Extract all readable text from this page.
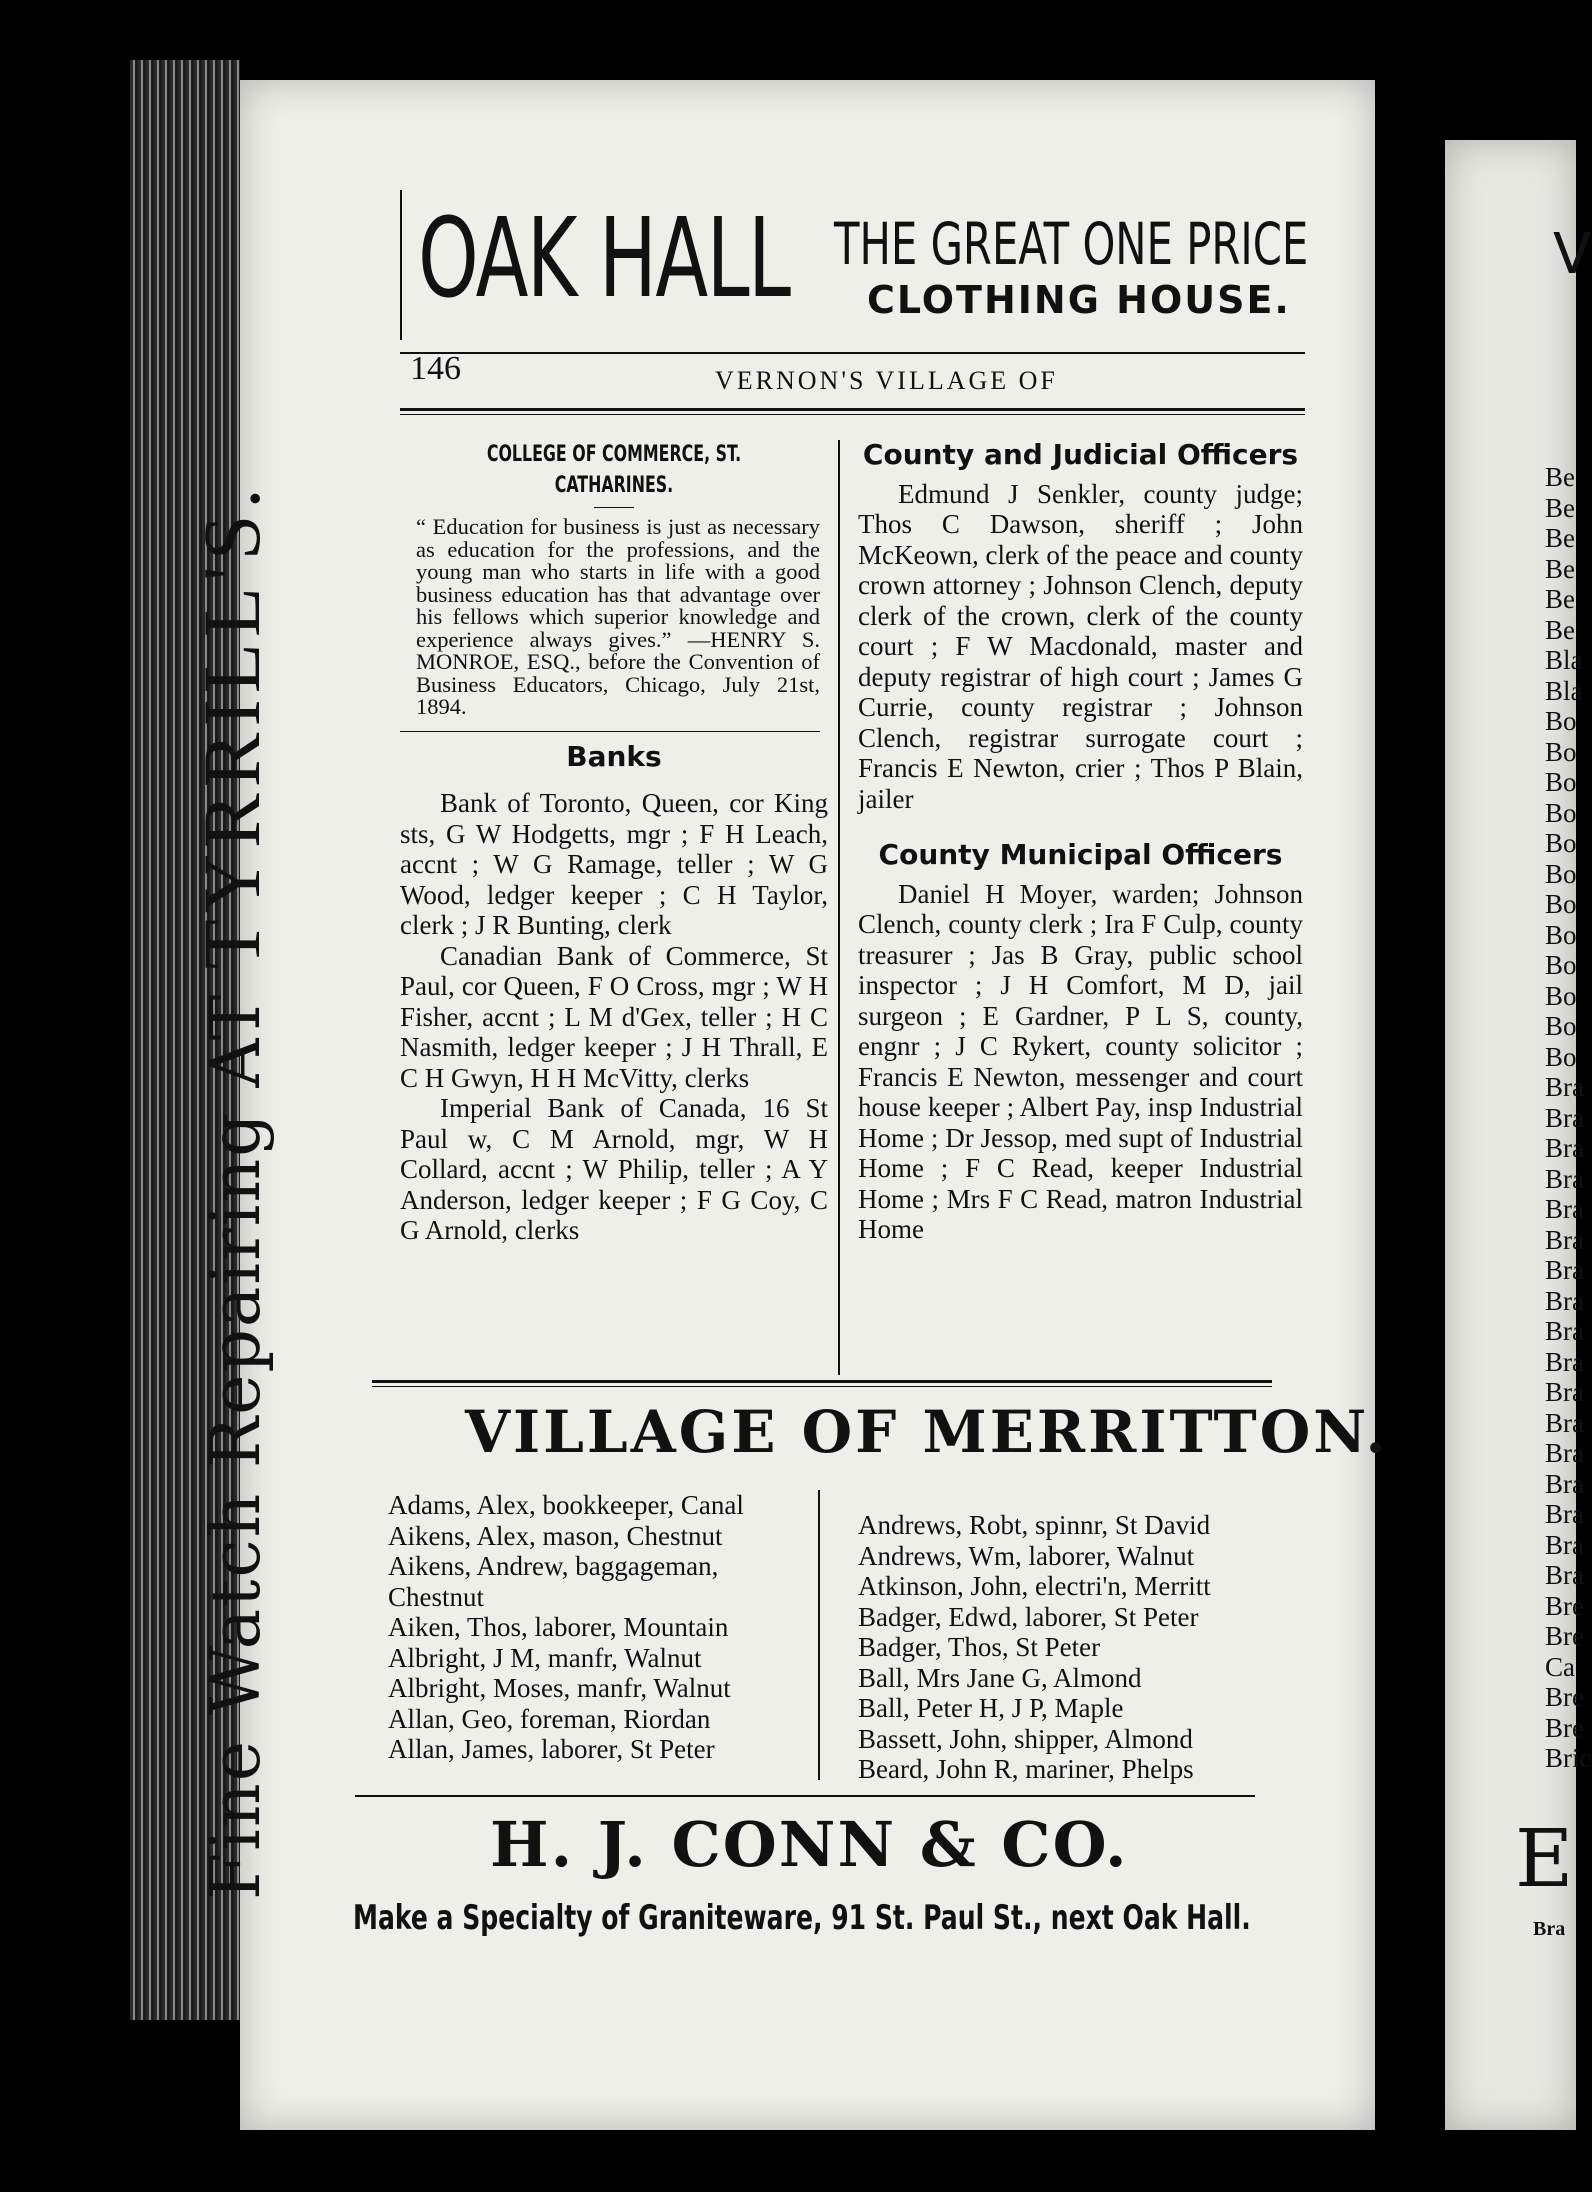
Fine Watch Repairing AT TYRRILL'S.
OAK HALL THE GREAT ONE PRICE
CLOTHING HOUSE.
146	VERNON'S VILLAGE OF
COLLEGE OF COMMERCE, ST. CATHARINES.

“ Education for business is just as necessary as education for the professions, and the young man who starts in life with a good business education has that advantage over his fellows which superior knowledge and experience always gives.” —HENRY S. MONROE, ESQ., before the Convention of Business Educators, Chicago, July 21st, 1894.

Banks

Bank of Toronto, Queen, cor King sts, G W Hodgetts, mgr ; F H Leach, accnt ; W G Ramage, teller ; W G Wood, ledger keeper ; C H Taylor, clerk ; J R Bunting, clerk

Canadian Bank of Commerce, St Paul, cor Queen, F O Cross, mgr ; W H Fisher, accnt ; L M d'Gex, teller ; H C Nasmith, ledger keeper ; J H Thrall, E C H Gwyn, H H McVitty, clerks

Imperial Bank of Canada, 16 St Paul w, C M Arnold, mgr, W H Collard, accnt ; W Philip, teller ; A Y Anderson, ledger keeper ; F G Coy, C G Arnold, clerks

County and Judicial Officers

Edmund J Senkler, county judge; Thos C Dawson, sheriff ; John McKeown, clerk of the peace and county crown attorney ; Johnson Clench, deputy clerk of the crown, clerk of the county court ; F W Macdonald, master and deputy registrar of high court ; James G Currie, county registrar ; Johnson Clench, registrar surrogate court ; Francis E Newton, crier ; Thos P Blain, jailer

County Municipal Officers

Daniel H Moyer, warden; Johnson Clench, county clerk ; Ira F Culp, county treasurer ; Jas B Gray, public school inspector ; J H Comfort, M D, jail surgeon ; E Gardner, P L S, county, engnr ; J C Rykert, county solicitor ; Francis E Newton, messenger and court house keeper ; Albert Pay, insp Industrial Home ; Dr Jessop, med supt of Industrial Home ; F C Read, keeper Industrial Home ; Mrs F C Read, matron Industrial Home

VILLAGE OF MERRITTON.

Adams, Alex, bookkeeper, Canal

Aikens, Alex, mason, Chestnut

Aikens, Andrew, baggageman, Chestnut

Aiken, Thos, laborer, Mountain

Albright, J M, manfr, Walnut

Albright, Moses, manfr, Walnut

Allan, Geo, foreman, Riordan

Allan, James, laborer, St Peter

Andrews, Robt, spinnr, St David

Andrews, Wm, laborer, Walnut

Atkinson, John, electri'n, Merritt

Badger, Edwd, laborer, St Peter

Badger, Thos, St Peter

Ball, Mrs Jane G, Almond

Ball, Peter H, J P, Maple

Bassett, John, shipper, Almond

Beard, John R, mariner, Phelps

H. J. CONN & CO.
Make a Specialty of Graniteware, 91 St. Paul St., next Oak Hall.
V
Be
Be
Be
Be
Be
Be
Bla
Bla
Bo
Bo
Bo
Bo
Bo
Bo
Bo
Bo
Bo
Bo
Bo
Bo
Bra
Bra
Bra
Bra
Bra
Bra
Bra
Bra
Bra
Bra
Bra
Bra
Bra
Bra
Bra
Bra
Bra
Bre
Bre
Ca
Bre
Bre
Bric
E
Bra
